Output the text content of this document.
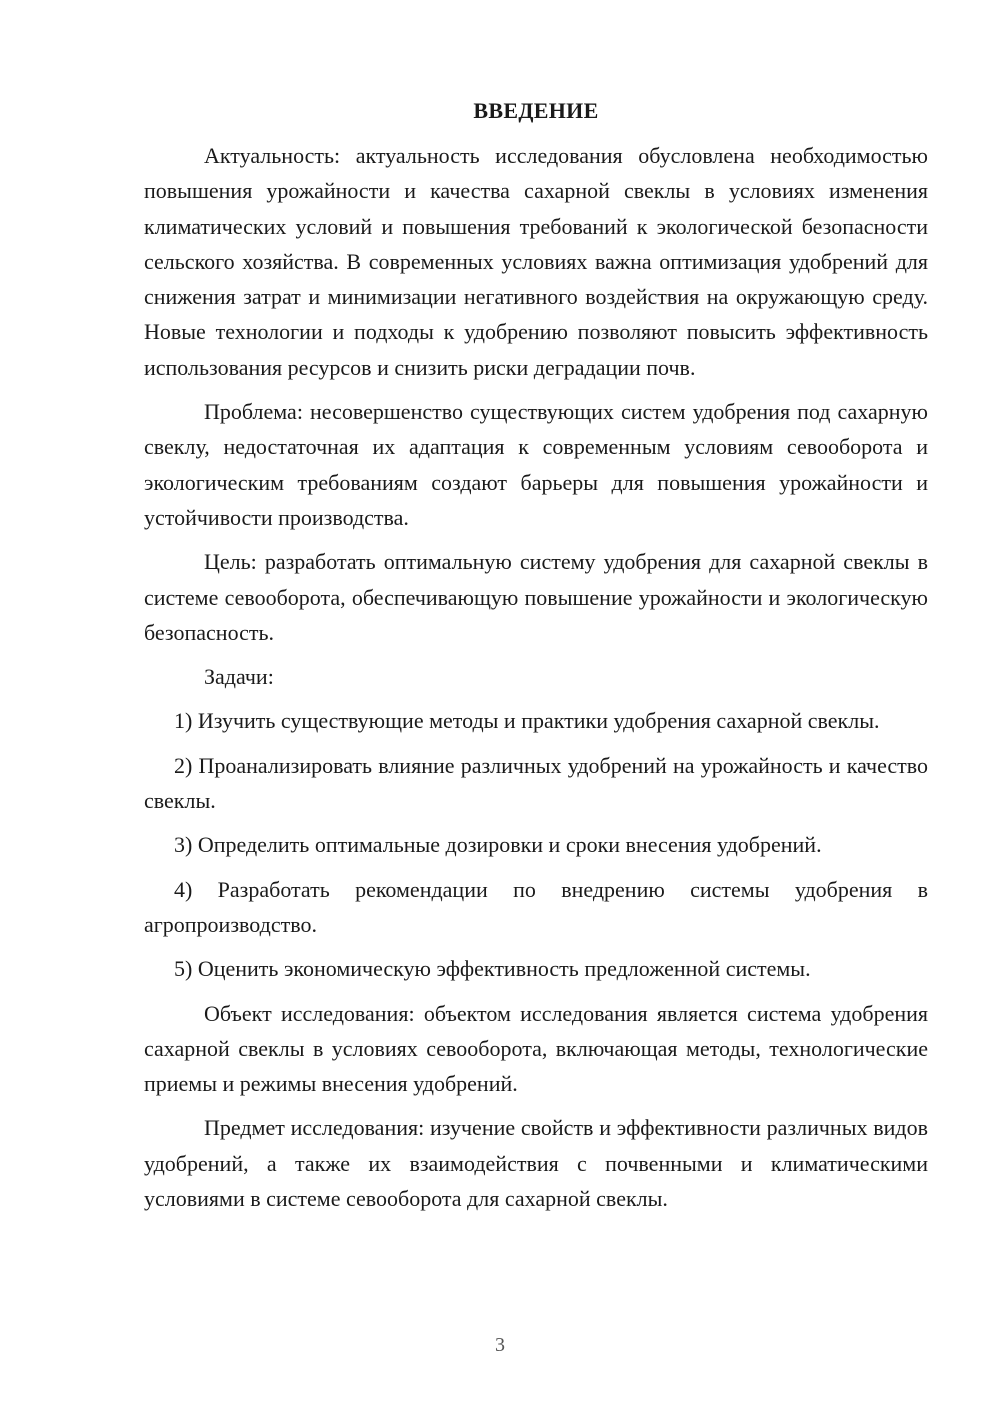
ВВЕДЕНИЕ

Актуальность: актуальность исследования обусловлена необходимостью повышения урожайности и качества сахарной свеклы в условиях изменения климатических условий и повышения требований к экологической безопасности сельского хозяйства. В современных условиях важна оптимизация удобрений для снижения затрат и минимизации негативного воздействия на окружающую среду. Новые технологии и подходы к удобрению позволяют повысить эффективность использования ресурсов и снизить риски деградации почв.

Проблема: несовершенство существующих систем удобрения под сахарную свеклу, недостаточная их адаптация к современным условиям севооборота и экологическим требованиям создают барьеры для повышения урожайности и устойчивости производства.

Цель: разработать оптимальную систему удобрения для сахарной свеклы в системе севооборота, обеспечивающую повышение урожайности и экологическую безопасность.

Задачи:

1) Изучить существующие методы и практики удобрения сахарной свеклы.

2) Проанализировать влияние различных удобрений на урожайность и качество свеклы.

3) Определить оптимальные дозировки и сроки внесения удобрений.

4) Разработать рекомендации по внедрению системы удобрения в агропроизводство.

5) Оценить экономическую эффективность предложенной системы.

Объект исследования: объектом исследования является система удобрения сахарной свеклы в условиях севооборота, включающая методы, технологические приемы и режимы внесения удобрений.

Предмет исследования: изучение свойств и эффективности различных видов удобрений, а также их взаимодействия с почвенными и климатическими условиями в системе севооборота для сахарной свеклы.

3
